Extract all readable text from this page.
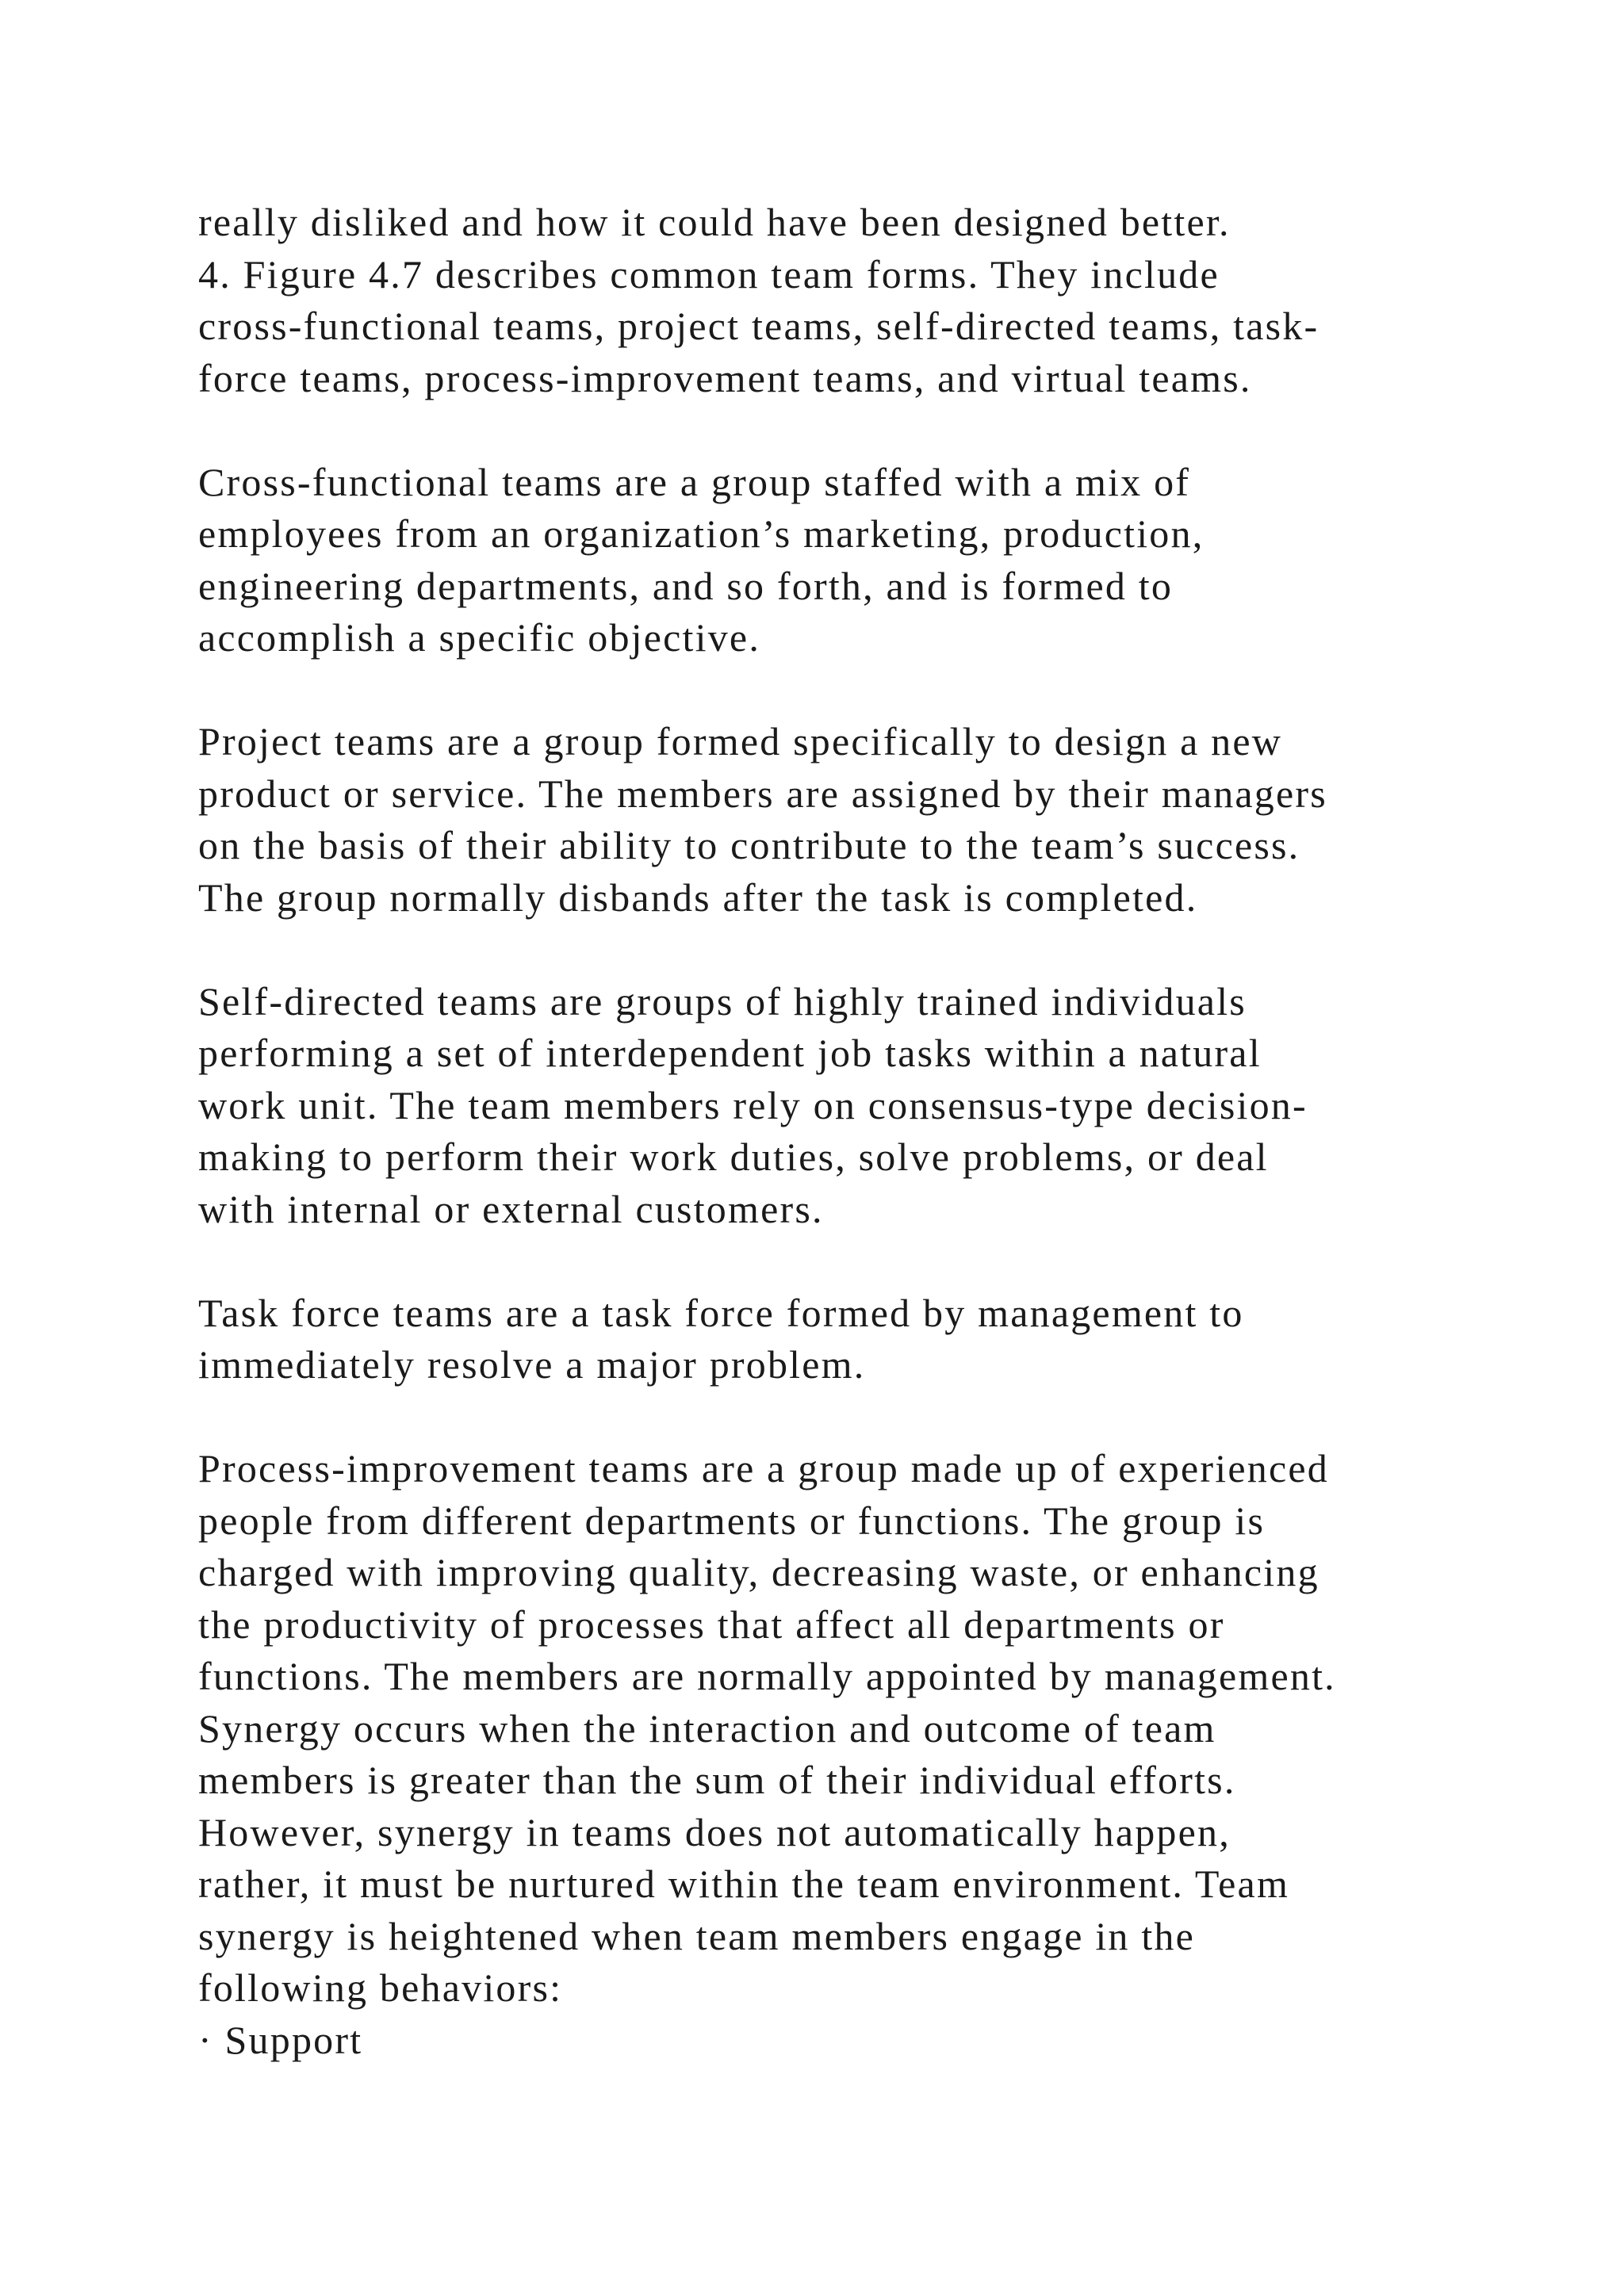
really disliked and how it could have been designed better.
4. Figure 4.7 describes common team forms. They include
cross-functional teams, project teams, self-directed teams, task-
force teams, process-improvement teams, and virtual teams.
Cross-functional teams are a group staffed with a mix of
employees from an organization’s marketing, production,
engineering departments, and so forth, and is formed to
accomplish a specific objective.
Project teams are a group formed specifically to design a new
product or service. The members are assigned by their managers
on the basis of their ability to contribute to the team’s success.
The group normally disbands after the task is completed.
Self-directed teams are groups of highly trained individuals
performing a set of interdependent job tasks within a natural
work unit. The team members rely on consensus-type decision-
making to perform their work duties, solve problems, or deal
with internal or external customers.
Task force teams are a task force formed by management to
immediately resolve a major problem.
Process-improvement teams are a group made up of experienced
people from different departments or functions. The group is
charged with improving quality, decreasing waste, or enhancing
the productivity of processes that affect all departments or
functions. The members are normally appointed by management.
Synergy occurs when the interaction and outcome of team
members is greater than the sum of their individual efforts.
However, synergy in teams does not automatically happen,
rather, it must be nurtured within the team environment. Team
synergy is heightened when team members engage in the
following behaviors:
· Support
